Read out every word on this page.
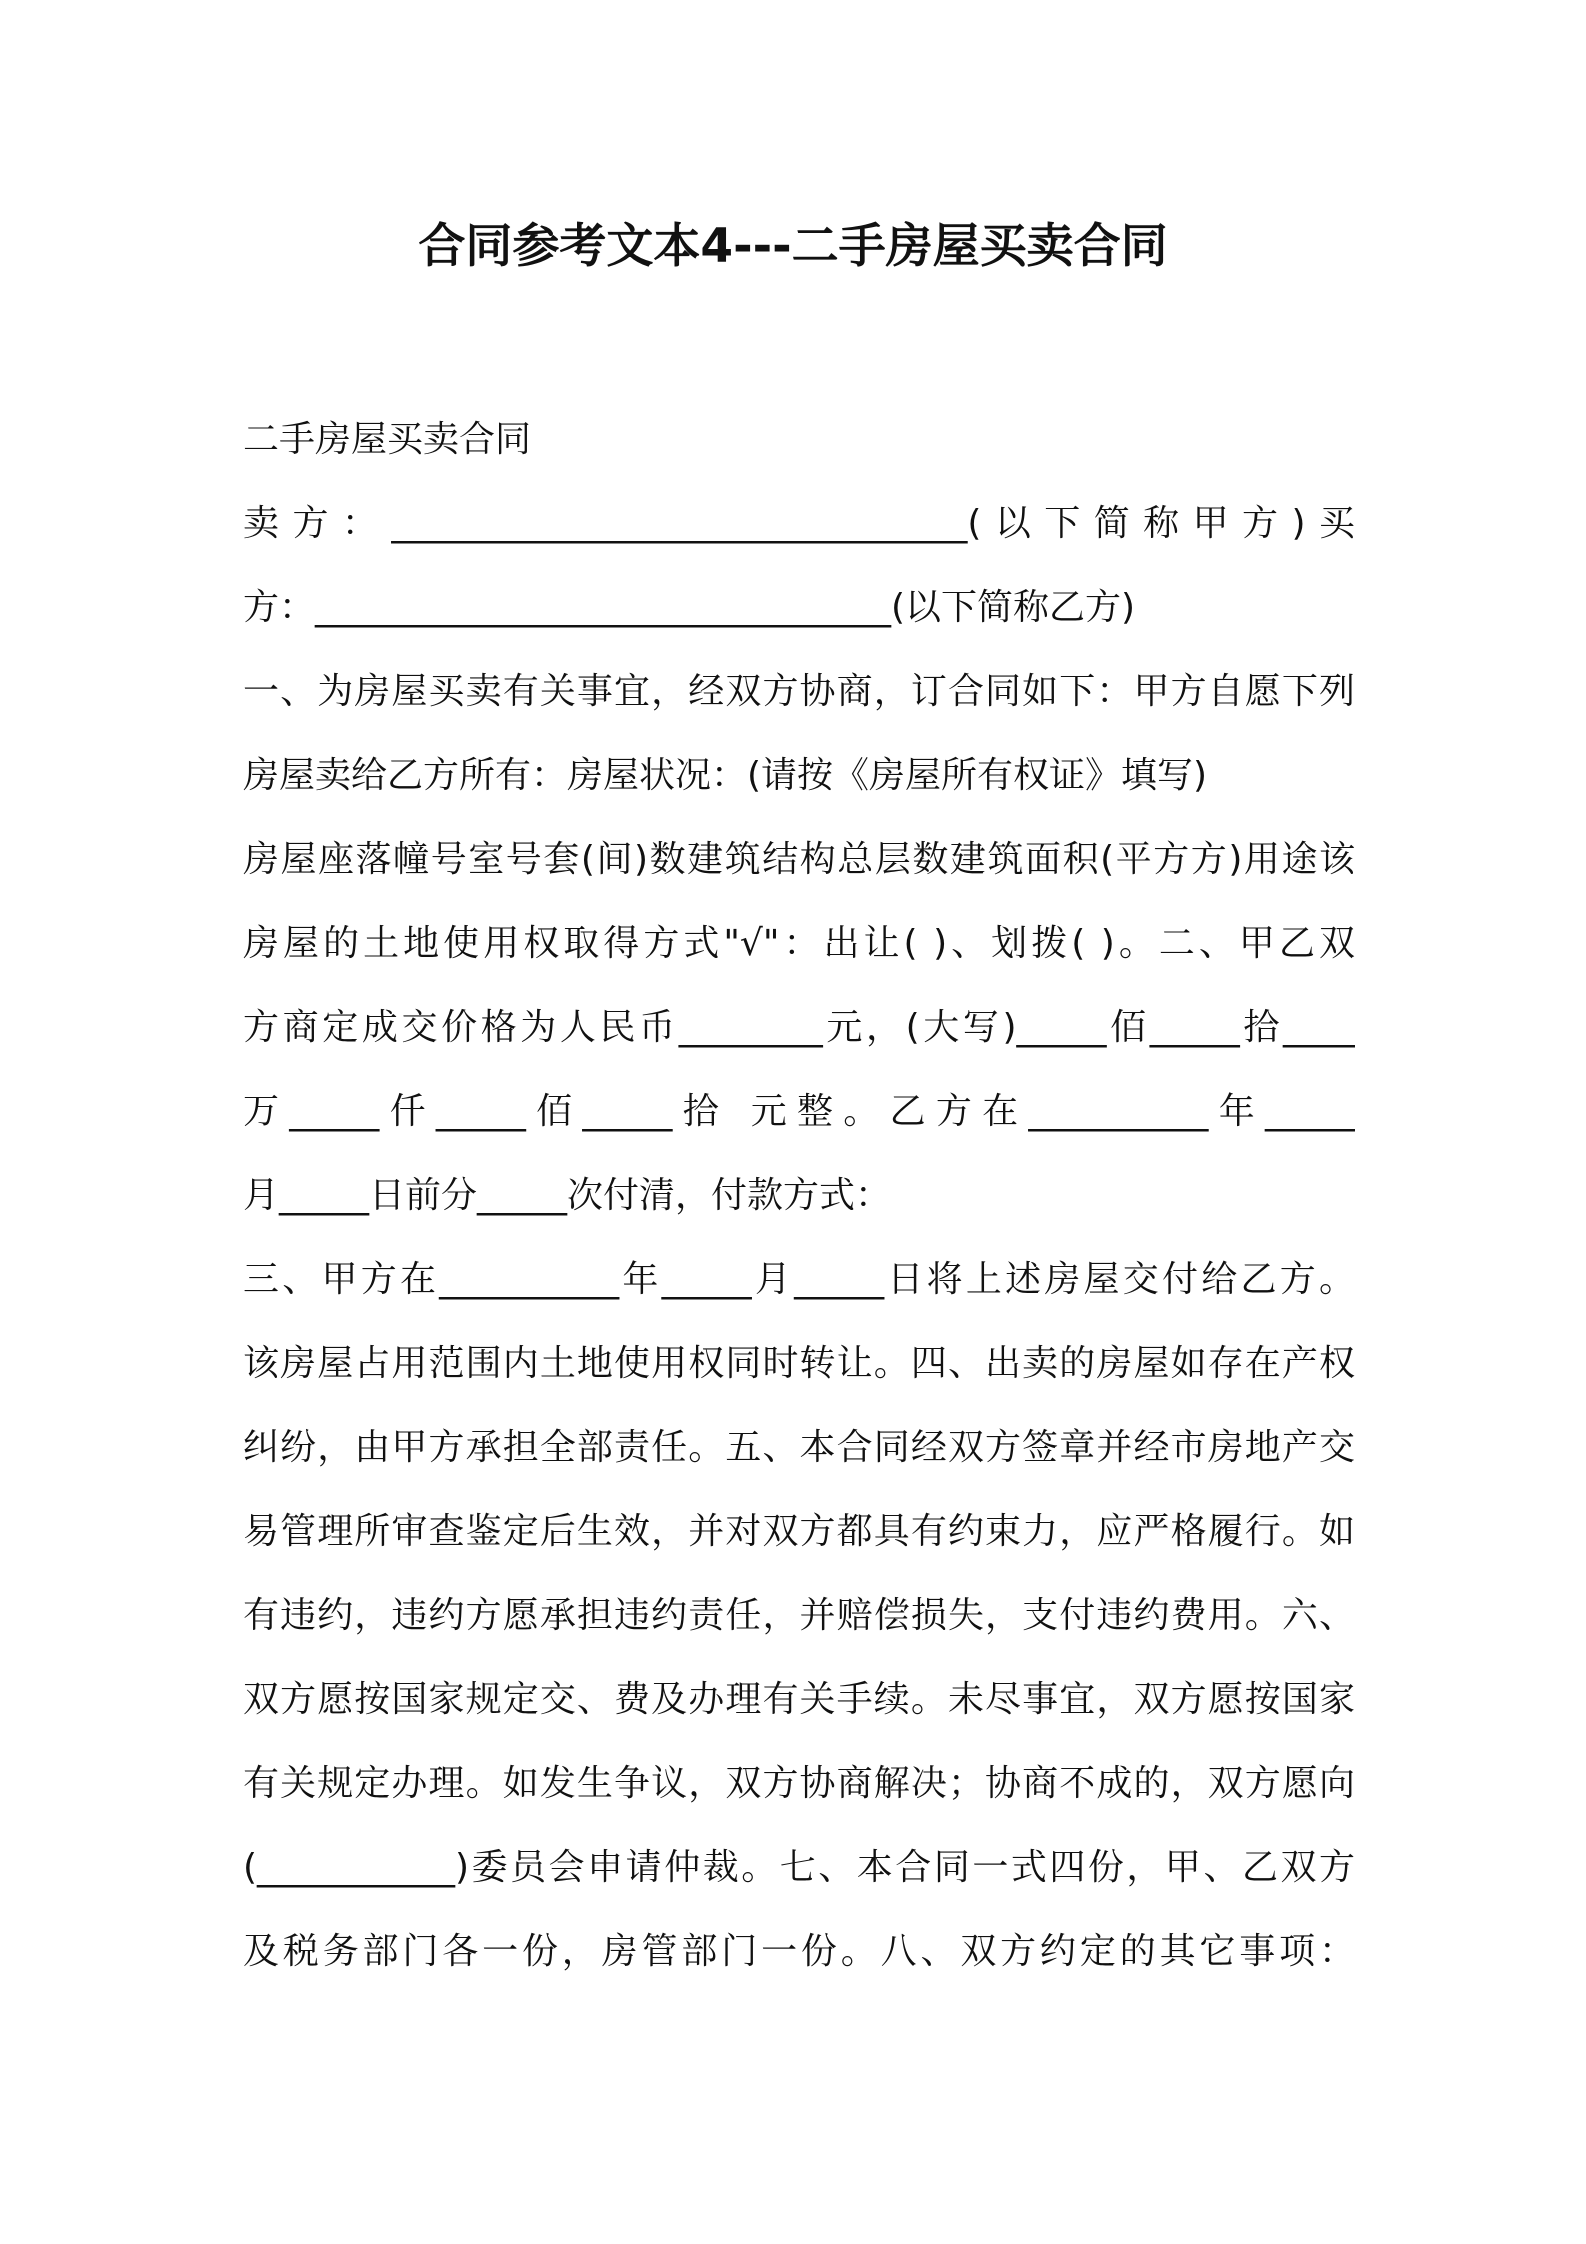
合同参考文本4---二手房屋买卖合同
二手房屋买卖合同
卖方：________________________________(以下简称甲方)买
方：________________________________(以下简称乙方)
一、为房屋买卖有关事宜，经双方协商，订合同如下：甲方自愿下列
房屋卖给乙方所有：房屋状况：(请按《房屋所有权证》填写)
房屋座落幢号室号套(间)数建筑结构总层数建筑面积(平方方)用途该
房屋的土地使用权取得方式"√"：出让( )、划拨( )。二、甲乙双
方商定成交价格为人民币________元，(大写)_____佰_____拾____
万_____仟_____佰_____拾 元整。乙方在__________年_____
月_____日前分_____次付清，付款方式：
三、甲方在__________年_____月_____日将上述房屋交付给乙方。
该房屋占用范围内土地使用权同时转让。四、出卖的房屋如存在产权
纠纷，由甲方承担全部责任。五、本合同经双方签章并经市房地产交
易管理所审查鉴定后生效，并对双方都具有约束力，应严格履行。如
有违约，违约方愿承担违约责任，并赔偿损失，支付违约费用。六、
双方愿按国家规定交、费及办理有关手续。未尽事宜，双方愿按国家
有关规定办理。如发生争议，双方协商解决；协商不成的，双方愿向
(___________)委员会申请仲裁。七、本合同一式四份，甲、乙双方
及税务部门各一份，房管部门一份。八、双方约定的其它事项：
